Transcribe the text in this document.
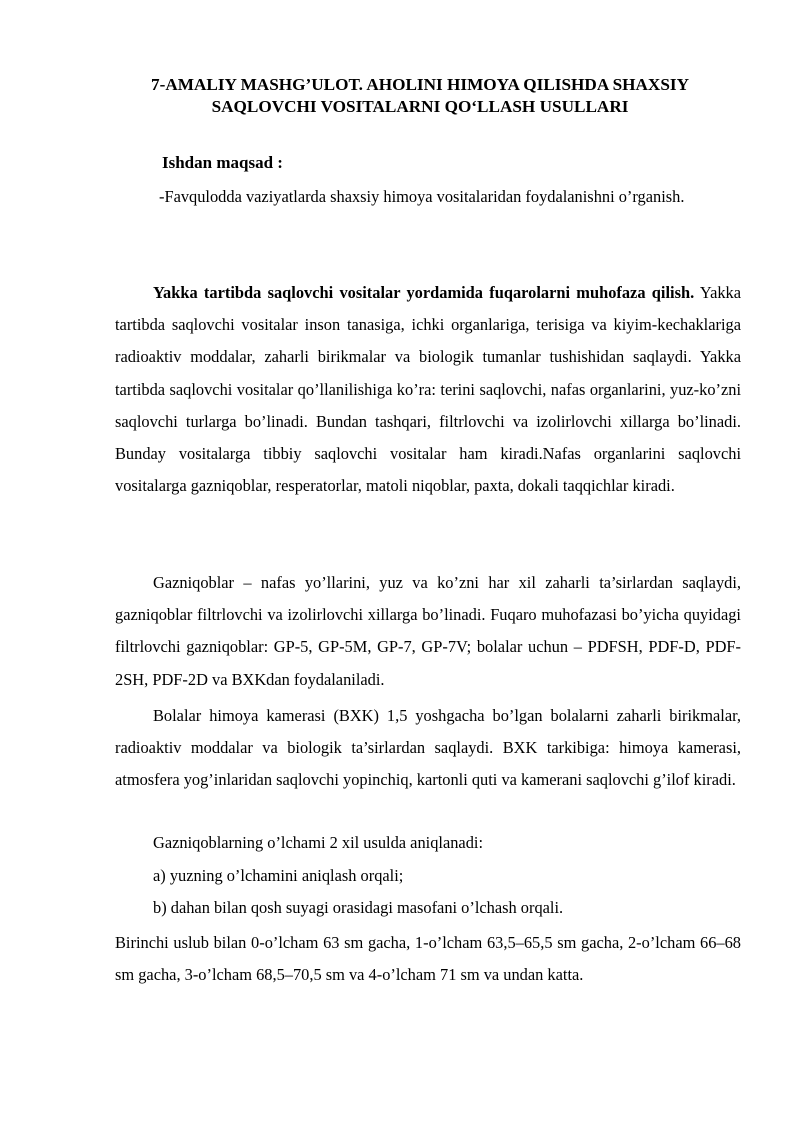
7-AMALIY MASHG’ULOT. AHOLINI HIMOYA QILISHDA SHAXSIY
SAQLOVCHI VOSITALARNI QO‘LLASH USULLARI
Ishdan maqsad :

-Favqulodda vaziyatlarda shaxsiy himoya vositalaridan foydalanishni o’rganish.

Yakka tartibda saqlovchi vositalar yordamida fuqarolarni muhofaza qilish. Yakka tartibda saqlovchi vositalar inson tanasiga, ichki organlariga, terisiga va kiyim-kechaklariga radioaktiv moddalar, zaharli birikmalar va biologik tumanlar tushishidan saqlaydi. Yakka tartibda saqlovchi vositalar qo’llanilishiga ko’ra: terini saqlovchi, nafas organlarini, yuz-ko’zni saqlovchi turlarga bo’linadi. Bundan tashqari, filtrlovchi va izolirlovchi xillarga bo’linadi. Bunday vositalarga tibbiy saqlovchi vositalar ham kiradi.Nafas organlarini saqlovchi vositalarga gazniqoblar, resperatorlar, matoli niqoblar, paxta, dokali taqqichlar kiradi.

Gazniqoblar – nafas yo’llarini, yuz va ko’zni har xil zaharli ta’sirlardan saqlaydi, gazniqoblar filtrlovchi va izolirlovchi xillarga bo’linadi. Fuqaro muhofazasi bo’yicha quyidagi filtrlovchi gazniqoblar: GP-5, GP-5M, GP-7, GP-7V; bolalar uchun – PDFSH, PDF-D, PDF-2SH, PDF-2D va BXKdan foydalaniladi.

Bolalar himoya kamerasi (BXK) 1,5 yoshgacha bo’lgan bolalarni zaharli birikmalar, radioaktiv moddalar va biologik ta’sirlardan saqlaydi. BXK tarkibiga: himoya kamerasi, atmosfera yog’inlaridan saqlovchi yopinchiq, kartonli quti va kamerani saqlovchi g’ilof kiradi.

Gazniqoblarning o’lchami 2 xil usulda aniqlanadi:
a) yuzning o’lchamini aniqlash orqali;
b) dahan bilan qosh suyagi orasidagi masofani o’lchash orqali.

Birinchi uslub bilan 0-o’lcham 63 sm gacha, 1-o’lcham 63,5–65,5 sm gacha, 2-o’lcham 66–68 sm gacha, 3-o’lcham 68,5–70,5 sm va 4-o’lcham 71 sm va undan katta.
